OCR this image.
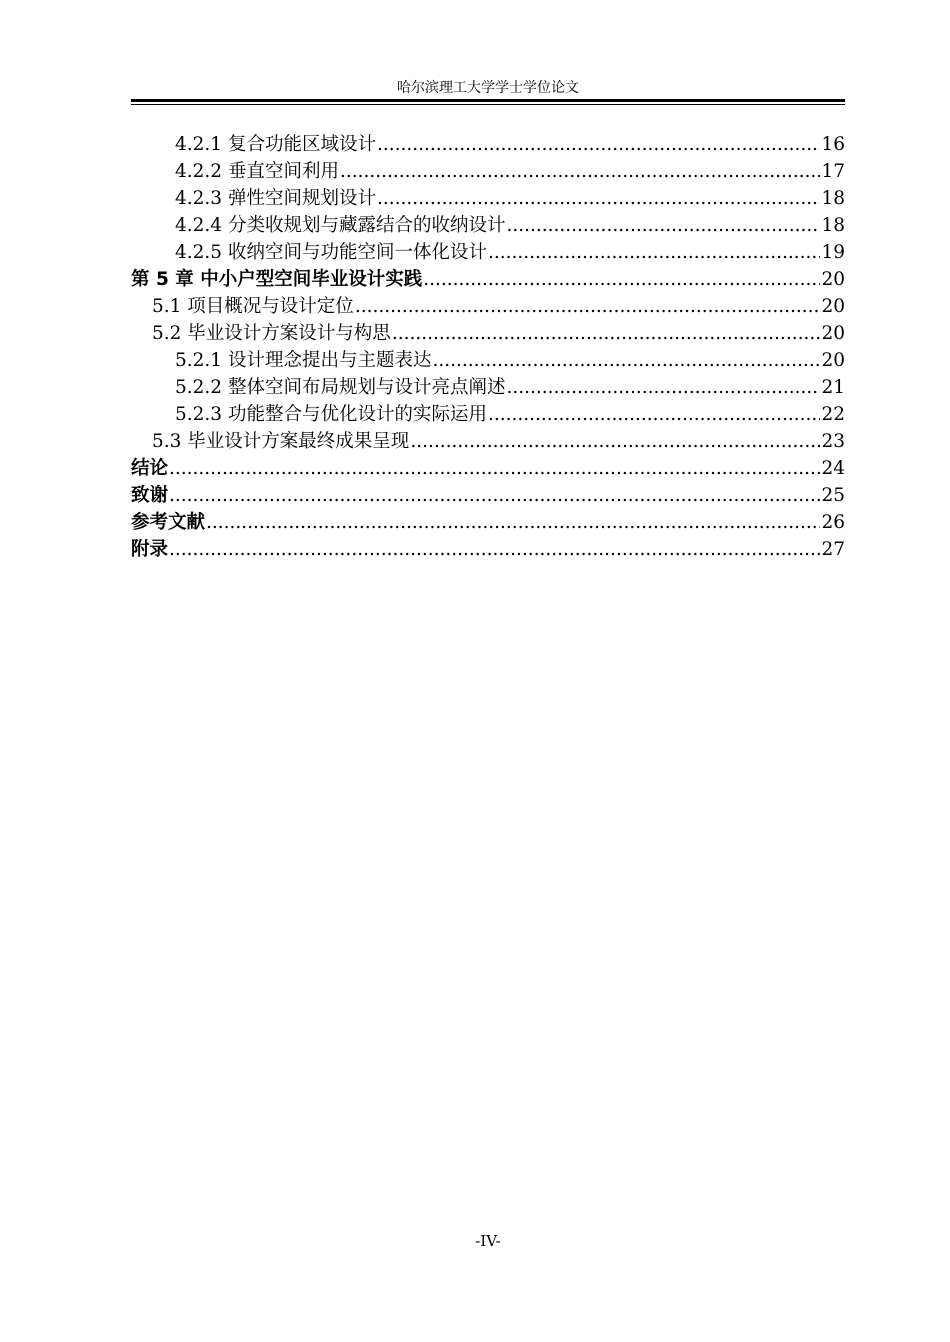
哈尔滨理工大学学士学位论文
4.2.1 复合功能区域设计 .....	16
4.2.2 垂直空间利用 .....	17
4.2.3 弹性空间规划设计 .....	18
4.2.4 分类收规划与藏露结合的收纳设计 .....	18
4.2.5 收纳空间与功能空间一体化设计 .....	19
第 5 章 中小户型空间毕业设计实践 .....	20
5.1 项目概况与设计定位 .....	20
5.2 毕业设计方案设计与构思 .....	20
5.2.1 设计理念提出与主题表达 .....	20
5.2.2 整体空间布局规划与设计亮点阐述 .....	21
5.2.3 功能整合与优化设计的实际运用 .....	22
5.3 毕业设计方案最终成果呈现 .....	23
结论 .....	24
致谢 .....	25
参考文献 .....	26
附录 .....	27
-IV-
